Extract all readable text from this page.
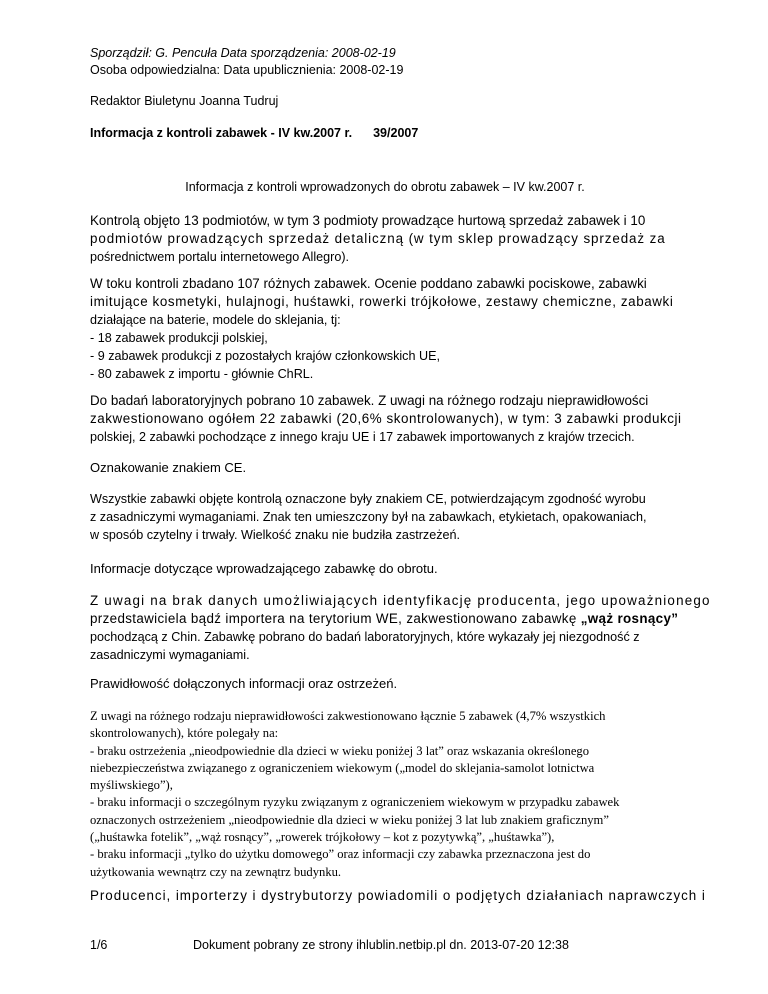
Sporządził: G. Pencuła Data sporządzenia: 2008-02-19
Osoba odpowiedzialna: Data upublicznienia: 2008-02-19
Redaktor Biuletynu Joanna Tudruj
Informacja z kontroli zabawek - IV kw.2007 r. 39/2007
Informacja z kontroli wprowadzonych do obrotu zabawek – IV kw.2007 r.
Kontrolą objęto 13 podmiotów, w tym 3 podmioty prowadzące hurtową sprzedaż zabawek i 10
podmiotów prowadzących sprzedaż detaliczną (w tym sklep prowadzący sprzedaż za
pośrednictwem portalu internetowego Allegro).
W toku kontroli zbadano 107 różnych zabawek. Ocenie poddano zabawki pociskowe, zabawki
imitujące kosmetyki, hulajnogi, huśtawki, rowerki trójkołowe, zestawy chemiczne, zabawki
działające na baterie, modele do sklejania, tj:
- 18 zabawek produkcji polskiej,
- 9 zabawek produkcji z pozostałych krajów członkowskich UE,
- 80 zabawek z importu - głównie ChRL.
Do badań laboratoryjnych pobrano 10 zabawek. Z uwagi na różnego rodzaju nieprawidłowości
zakwestionowano ogółem 22 zabawki (20,6% skontrolowanych), w tym: 3 zabawki produkcji
polskiej, 2 zabawki pochodzące z innego kraju UE i 17 zabawek importowanych z krajów trzecich.
Oznakowanie znakiem CE.
Wszystkie zabawki objęte kontrolą oznaczone były znakiem CE, potwierdzającym zgodność wyrobu
z zasadniczymi wymaganiami. Znak ten umieszczony był na zabawkach, etykietach, opakowaniach,
w sposób czytelny i trwały. Wielkość znaku nie budziła zastrzeżeń.
Informacje dotyczące wprowadzającego zabawkę do obrotu.
Z uwagi na brak danych umożliwiających identyfikację producenta, jego upoważnionego
przedstawiciela bądź importera na terytorium WE, zakwestionowano zabawkę „wąż rosnący”
pochodzącą z Chin. Zabawkę pobrano do badań laboratoryjnych, które wykazały jej niezgodność z
zasadniczymi wymaganiami.
Prawidłowość dołączonych informacji oraz ostrzeżeń.
Z uwagi na różnego rodzaju nieprawidłowości zakwestionowano łącznie 5 zabawek (4,7% wszystkich
skontrolowanych), które polegały na:
- braku ostrzeżenia „nieodpowiednie dla dzieci w wieku poniżej 3 lat” oraz wskazania określonego
niebezpieczeństwa związanego z ograniczeniem wiekowym („model do sklejania-samolot lotnictwa
myśliwskiego”),
- braku informacji o szczególnym ryzyku związanym z ograniczeniem wiekowym w przypadku zabawek
oznaczonych ostrzeżeniem „nieodpowiednie dla dzieci w wieku poniżej 3 lat lub znakiem graficznym”
(„huśtawka fotelik”, „wąż rosnący”, „rowerek trójkołowy – kot z pozytywką”, „huśtawka”),
- braku informacji „tylko do użytku domowego” oraz informacji czy zabawka przeznaczona jest do
użytkowania wewnątrz czy na zewnątrz budynku.
Producenci, importerzy i dystrybutorzy powiadomili o podjętych działaniach naprawczych i
1/6	Dokument pobrany ze strony ihlublin.netbip.pl dn. 2013-07-20 12:38
